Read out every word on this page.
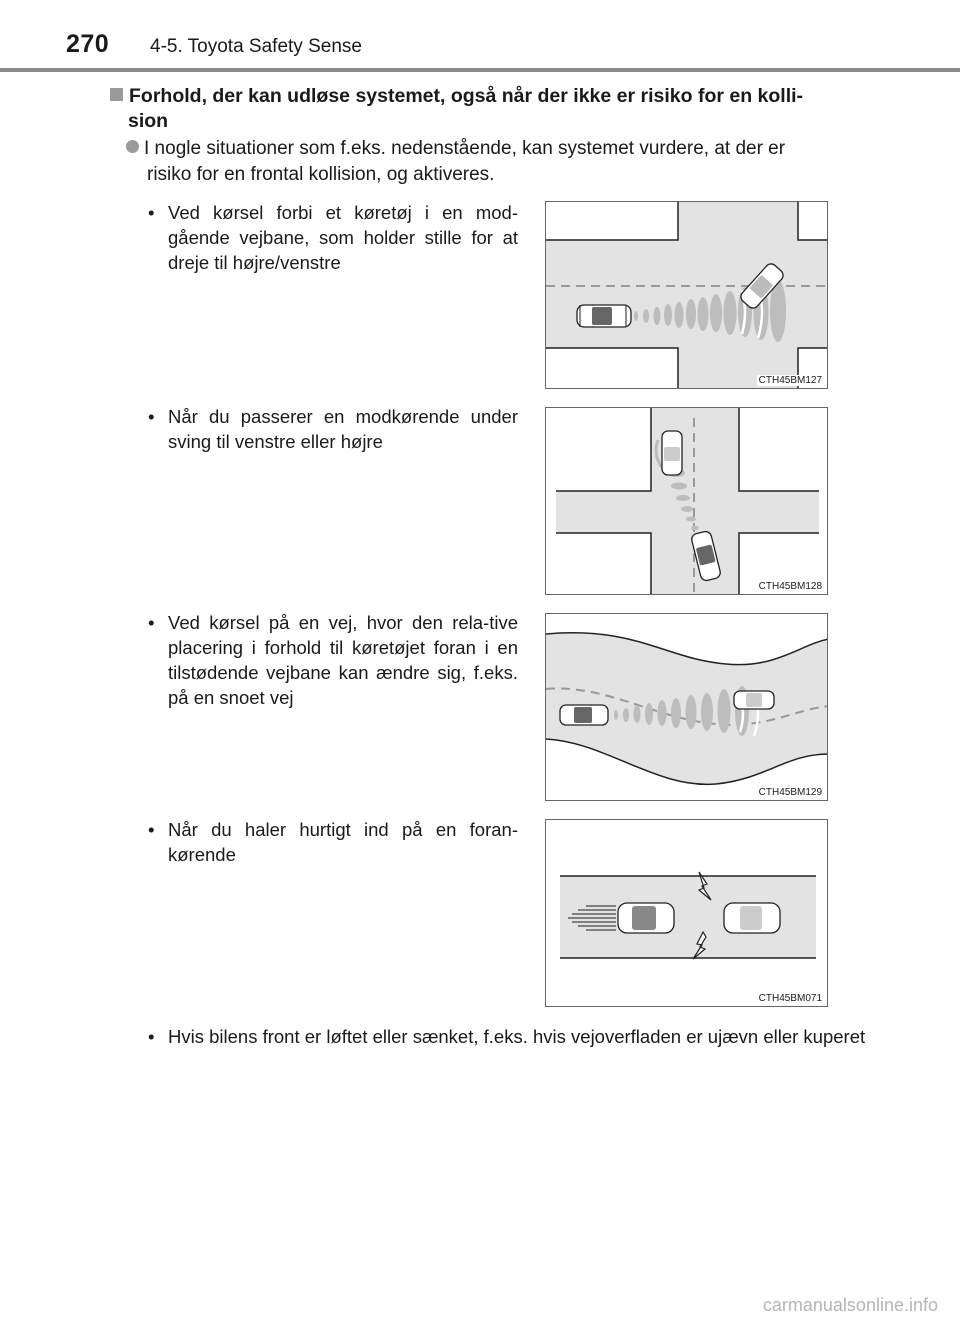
270 4-5. Toyota Safety Sense
Forhold, der kan udløse systemet, også når der ikke er risiko for en kolli-
sion
I nogle situationer som f.eks. nedenstående, kan systemet vurdere, at der er
risiko for en frontal kollision, og aktiveres.
• Ved kørsel forbi et køretøj i en mod-gående vejbane, som holder stille for at dreje til højre/venstre
CTH45BM127
• Når du passerer en modkørende under sving til venstre eller højre
CTH45BM128
• Ved kørsel på en vej, hvor den rela-tive placering i forhold til køretøjet foran i en tilstødende vejbane kan ændre sig, f.eks. på en snoet vej
CTH45BM129
• Når du haler hurtigt ind på en foran-kørende
CTH45BM071
• Hvis bilens front er løftet eller sænket, f.eks. hvis vejoverfladen er ujævn eller kuperet
carmanualsonline.info
